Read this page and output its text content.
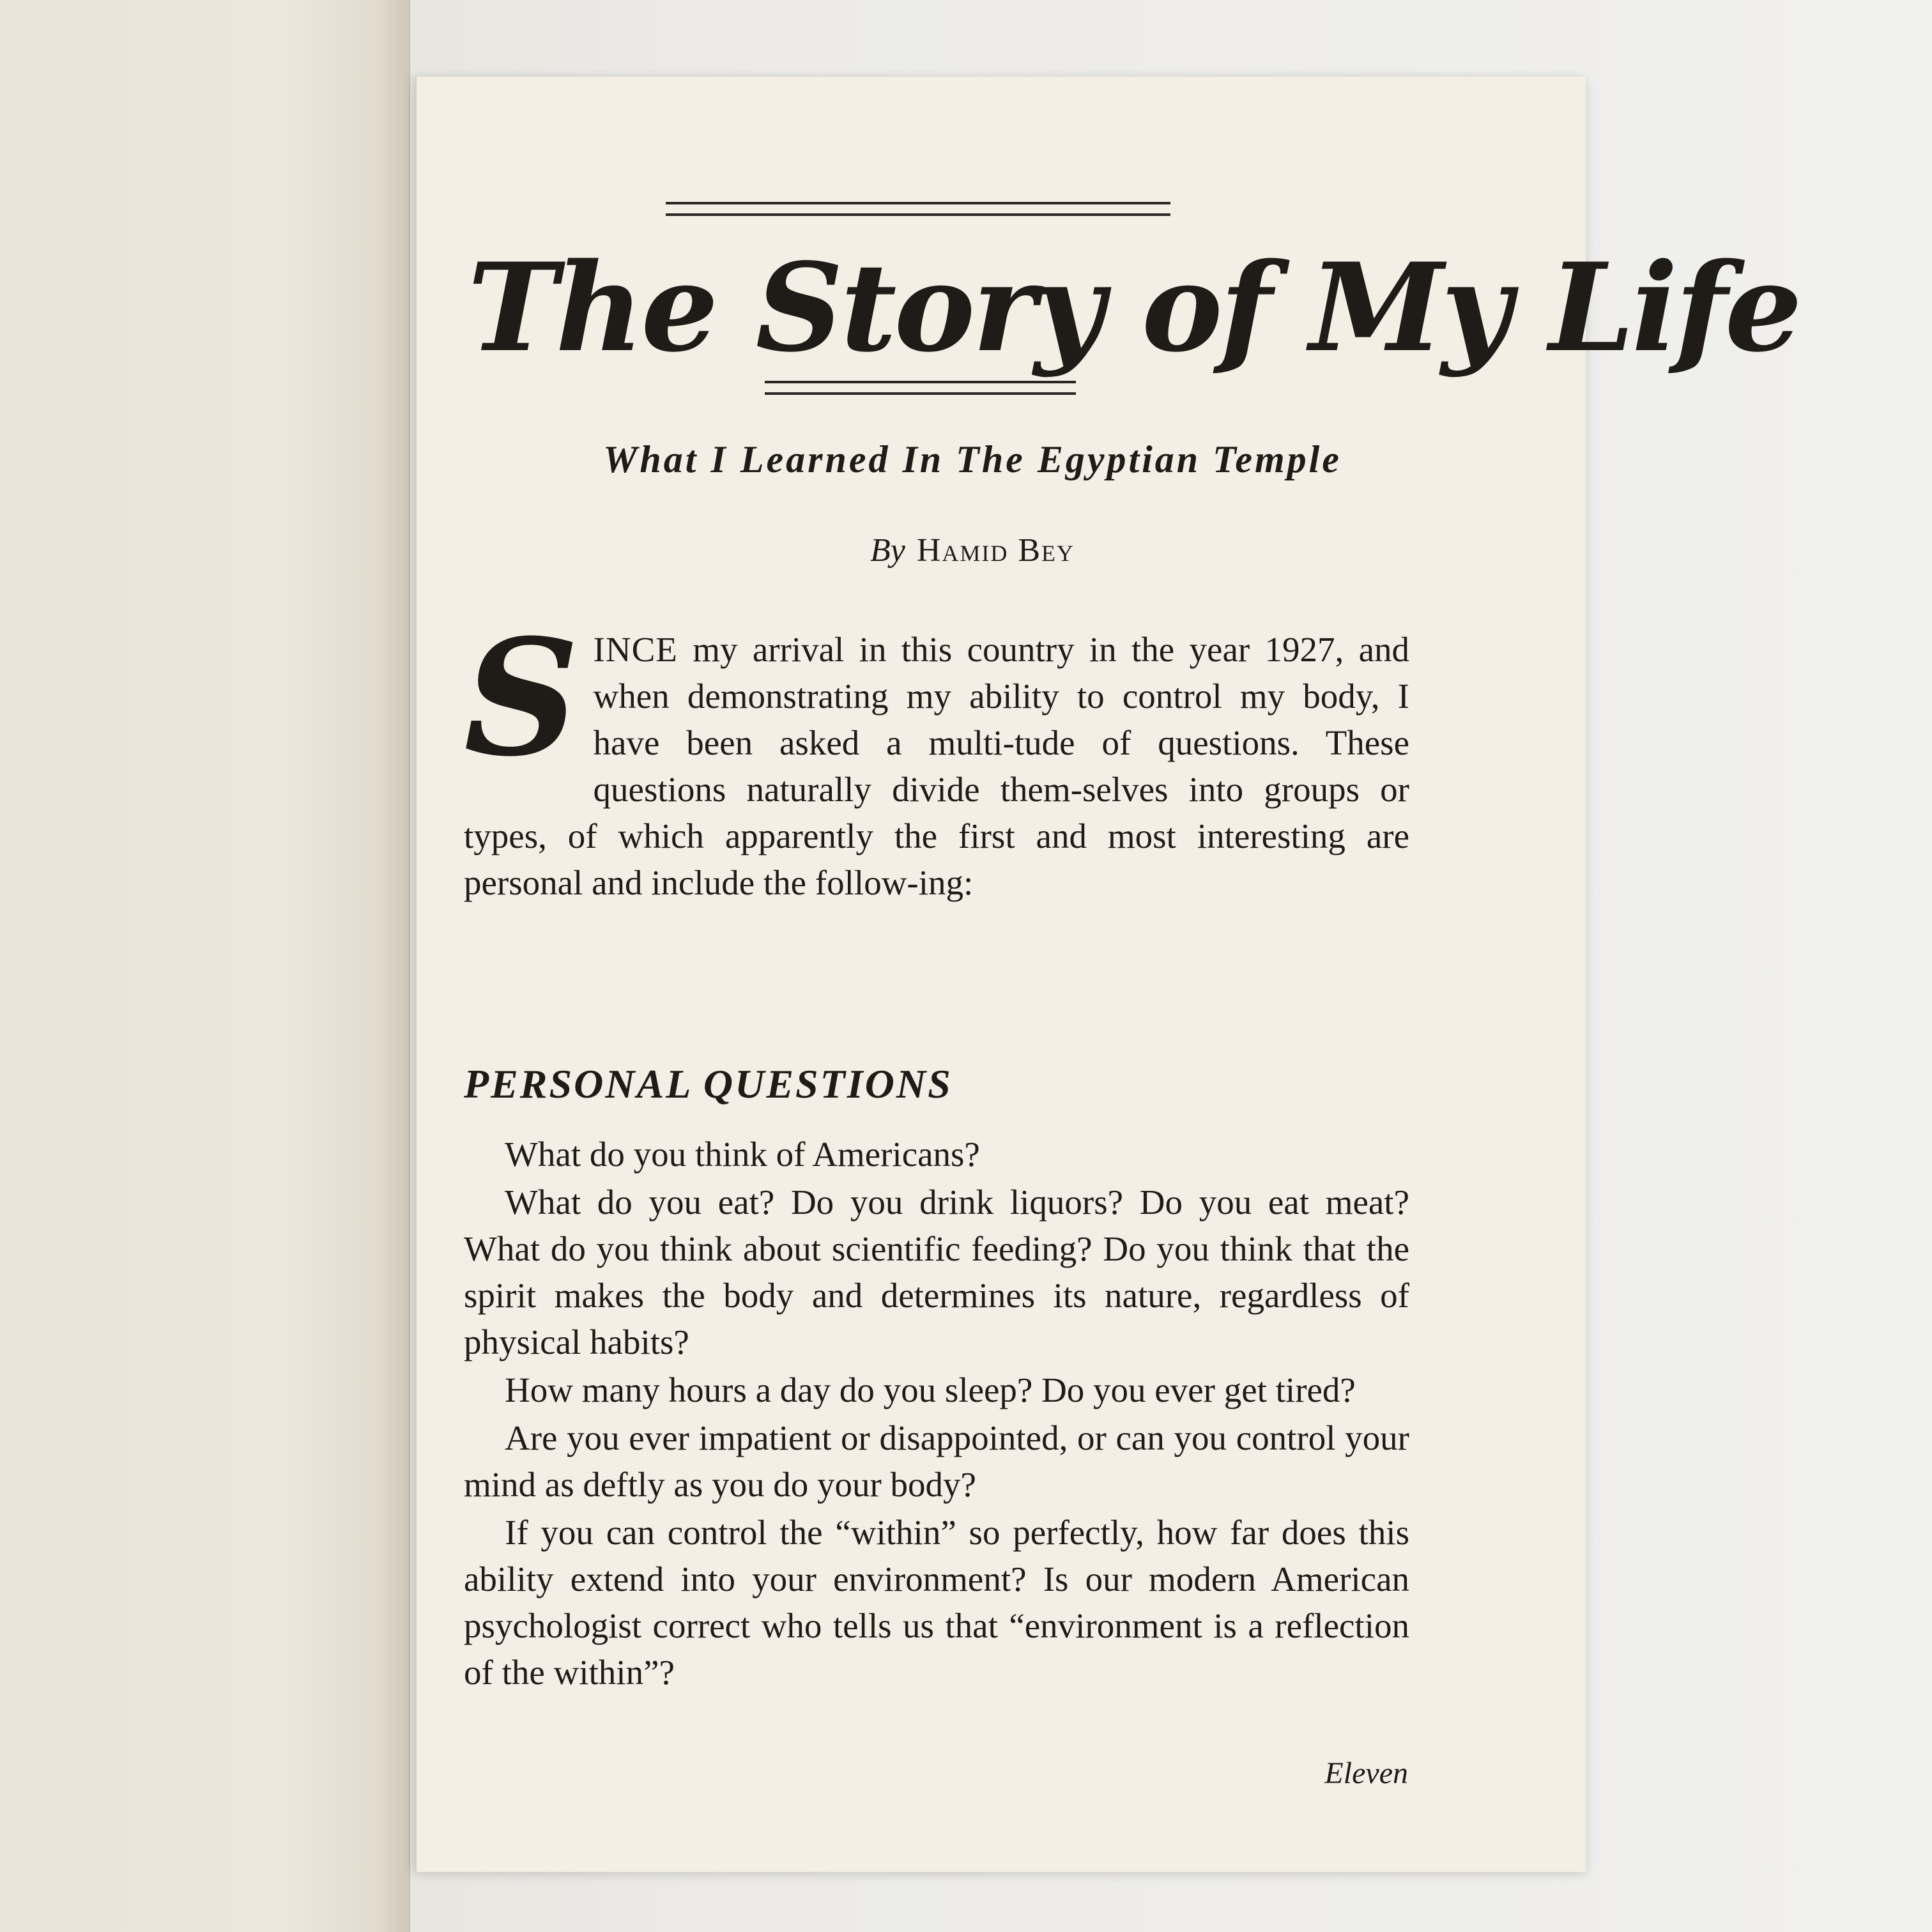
The Story of My Life
What I Learned In The Egyptian Temple
By Hamid Bey
SINCE my arrival in this country in the year 1927, and when demonstrating my ability to control my body, I have been asked a multi-tude of questions. These questions naturally divide them-selves into groups or types, of which apparently the first and most interesting are personal and include the follow-ing:
PERSONAL QUESTIONS

What do you think of Americans?

What do you eat? Do you drink liquors? Do you eat meat? What do you think about scientific feeding? Do you think that the spirit makes the body and determines its nature, regardless of physical habits?

How many hours a day do you sleep? Do you ever get tired?

Are you ever impatient or disappointed, or can you control your mind as deftly as you do your body?

If you can control the “within” so perfectly, how far does this ability extend into your environment? Is our modern American psychologist correct who tells us that “environment is a reflection of the within”?

Eleven
